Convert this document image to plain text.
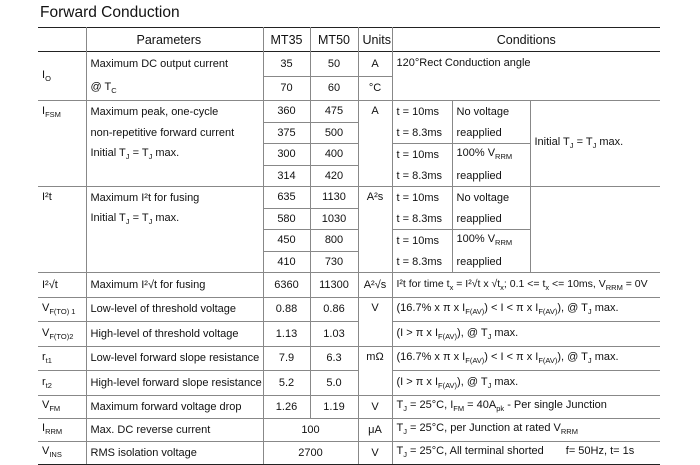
Forward Conduction
	Parameters	MT35	MT50	Units	Conditions		
$I_O$	Maximum DC output current	35	50	A	120°Rect Conduction angle		
	@ $T_C$	70	60	°C			
$I_{FSM}$	Maximum peak, one-cycle	360	475	A	t = 10ms	No voltage	Initial $T_J = T_J$ max.
	non-repetitive forward current	375	500		t = 8.3ms	reapplied	
	Initial $T_J = T_J$ max.	300	400		t = 10ms	100% $V_{RRM}$
		314	420		t = 8.3ms	reapplied	
I²t	Maximum I²t for fusing	635	1130	A²s	t = 10ms	No voltage	
	Initial $T_J = T_J$ max.	580	1030		t = 8.3ms	reapplied	
		450	800		t = 10ms	100% $V_{RRM}$
		410	730		t = 8.3ms	reapplied	
I²√t	Maximum I²√t for fusing	6360	11300	A²√s	I²t for time $t_x = I^2√t$ x $√t_x$; $0.1 <= t_x <= 10ms$, $V_{RRM} = 0V$		
$V_{F(TO) 1}$	Low-level of threshold voltage	0.88	0.86	V	(16.7% x π x $I_{F(AV)}) < I < \pi$ x $I_{F(AV)}$), @ $T_J$ max.		
$V_{F(TO)2}$	High-level of threshold voltage	1.13	1.03		(I > π x $I_{F(AV)}$), @ $T_J$ max.		
$r_{t1}$	Low-level forward slope resistance	7.9	6.3	mΩ	(16.7% x π x $I_{F(AV)}) < I < \pi$ x $I_{F(AV)}$), @ $T_J$ max.		
$r_{t2}$	High-level forward slope resistance	5.2	5.0		(I > π x $I_{F(AV)}$), @ $T_J$ max.		
$V_{FM}$	Maximum forward voltage drop	1.26	1.19	V	$T_J = 25^\circ C$, $I_{FM} = 40A_{pk}$ - Per single Junction		
$I_{RRM}$	Max. DC reverse current	100		μA	$T_J = 25^\circ C$, per Junction at rated $V_{RRM}$
$V_{INS}$	RMS isolation voltage	2700		V	$T_J = 25^\circ C$, All terminal shorted f= 50Hz, t= 1s		
